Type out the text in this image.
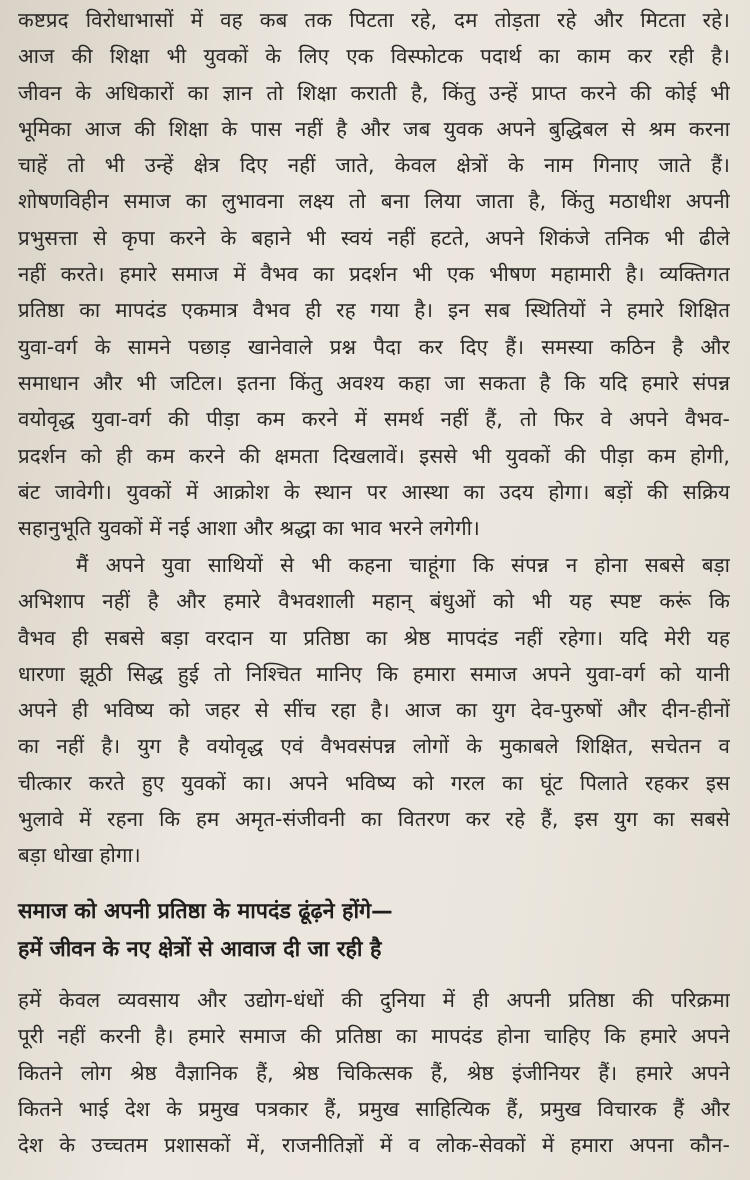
कष्टप्रद विरोधाभासों में वह कब तक पिटता रहे, दम तोड़ता रहे और मिटता रहे।
आज की शिक्षा भी युवकों के लिए एक विस्फोटक पदार्थ का काम कर रही है।
जीवन के अधिकारों का ज्ञान तो शिक्षा कराती है, किंतु उन्हें प्राप्त करने की कोई भी
भूमिका आज की शिक्षा के पास नहीं है और जब युवक अपने बुद्धिबल से श्रम करना
चाहें तो भी उन्हें क्षेत्र दिए नहीं जाते, केवल क्षेत्रों के नाम गिनाए जाते हैं।
शोषणविहीन समाज का लुभावना लक्ष्य तो बना लिया जाता है, किंतु मठाधीश अपनी
प्रभुसत्ता से कृपा करने के बहाने भी स्वयं नहीं हटते, अपने शिकंजे तनिक भी ढीले
नहीं करते। हमारे समाज में वैभव का प्रदर्शन भी एक भीषण महामारी है। व्यक्तिगत
प्रतिष्ठा का मापदंड एकमात्र वैभव ही रह गया है। इन सब स्थितियों ने हमारे शिक्षित
युवा-वर्ग के सामने पछाड़ खानेवाले प्रश्न पैदा कर दिए हैं। समस्या कठिन है और
समाधान और भी जटिल। इतना किंतु अवश्य कहा जा सकता है कि यदि हमारे संपन्न
वयोवृद्ध युवा-वर्ग की पीड़ा कम करने में समर्थ नहीं हैं, तो फिर वे अपने वैभव-
प्रदर्शन को ही कम करने की क्षमता दिखलावें। इससे भी युवकों की पीड़ा कम होगी,
बंट जावेगी। युवकों में आक्रोश के स्थान पर आस्था का उदय होगा। बड़ों की सक्रिय
सहानुभूति युवकों में नई आशा और श्रद्धा का भाव भरने लगेगी।
मैं अपने युवा साथियों से भी कहना चाहूंगा कि संपन्न न होना सबसे बड़ा
अभिशाप नहीं है और हमारे वैभवशाली महान् बंधुओं को भी यह स्पष्ट करूं कि
वैभव ही सबसे बड़ा वरदान या प्रतिष्ठा का श्रेष्ठ मापदंड नहीं रहेगा। यदि मेरी यह
धारणा झूठी सिद्ध हुई तो निश्चित मानिए कि हमारा समाज अपने युवा-वर्ग को यानी
अपने ही भविष्य को जहर से सींच रहा है। आज का युग देव-पुरुषों और दीन-हीनों
का नहीं है। युग है वयोवृद्ध एवं वैभवसंपन्न लोगों के मुकाबले शिक्षित, सचेतन व
चीत्कार करते हुए युवकों का। अपने भविष्य को गरल का घूंट पिलाते रहकर इस
भुलावे में रहना कि हम अमृत-संजीवनी का वितरण कर रहे हैं, इस युग का सबसे
बड़ा धोखा होगा।
समाज को अपनी प्रतिष्ठा के मापदंड ढूंढ़ने होंगे—
हमें जीवन के नए क्षेत्रों से आवाज दी जा रही है
हमें केवल व्यवसाय और उद्योग-धंधों की दुनिया में ही अपनी प्रतिष्ठा की परिक्रमा
पूरी नहीं करनी है। हमारे समाज की प्रतिष्ठा का मापदंड होना चाहिए कि हमारे अपने
कितने लोग श्रेष्ठ वैज्ञानिक हैं, श्रेष्ठ चिकित्सक हैं, श्रेष्ठ इंजीनियर हैं। हमारे अपने
कितने भाई देश के प्रमुख पत्रकार हैं, प्रमुख साहित्यिक हैं, प्रमुख विचारक हैं और
देश के उच्चतम प्रशासकों में, राजनीतिज्ञों में व लोक-सेवकों में हमारा अपना कौन-
